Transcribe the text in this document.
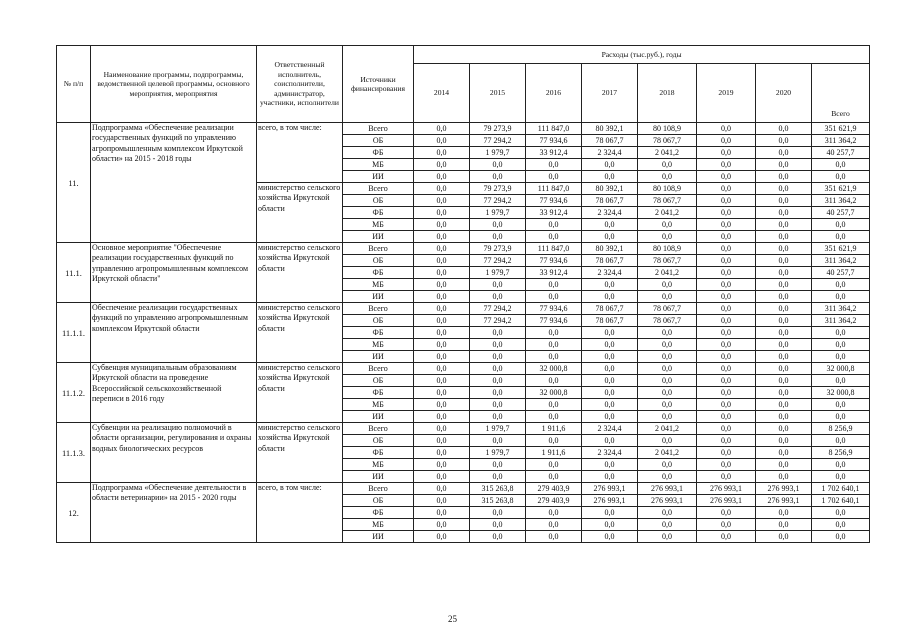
№ п/п	Наименование программы, подпрограммы, ведомственной целевой программы, основного мероприятия, мероприятия	Ответственный исполнитель, соисполнители, администратор, участники, исполнители	Источники финансирования	Расходы (тыс.руб.), годы							
				2014	2015	2016	2017	2018	2019	2020	Всего
11.	Подпрограмма «Обеспечение реализации государственных функций по управлению агропромышленным комплексом Иркутской области» на 2015 - 2018 годы	всего, в том числе:	Всего	0,0	79 273,9	111 847,0	80 392,1	80 108,9	0,0	0,0	351 621,9
			ОБ	0,0	77 294,2	77 934,6	78 067,7	78 067,7	0,0	0,0	311 364,2
			ФБ	0,0	1 979,7	33 912,4	2 324,4	2 041,2	0,0	0,0	40 257,7
			МБ	0,0	0,0	0,0	0,0	0,0	0,0	0,0	0,0
			ИИ	0,0	0,0	0,0	0,0	0,0	0,0	0,0	0,0
		министерство сельского хозяйства Иркутской области	Всего	0,0	79 273,9	111 847,0	80 392,1	80 108,9	0,0	0,0	351 621,9
			ОБ	0,0	77 294,2	77 934,6	78 067,7	78 067,7	0,0	0,0	311 364,2
			ФБ	0,0	1 979,7	33 912,4	2 324,4	2 041,2	0,0	0,0	40 257,7
			МБ	0,0	0,0	0,0	0,0	0,0	0,0	0,0	0,0
			ИИ	0,0	0,0	0,0	0,0	0,0	0,0	0,0	0,0
11.1.	Основное мероприятие "Обеспечение реализации государственных функций по управлению агропромышленным комплексом Иркутской области"	министерство сельского хозяйства Иркутской области	Всего	0,0	79 273,9	111 847,0	80 392,1	80 108,9	0,0	0,0	351 621,9
			ОБ	0,0	77 294,2	77 934,6	78 067,7	78 067,7	0,0	0,0	311 364,2
			ФБ	0,0	1 979,7	33 912,4	2 324,4	2 041,2	0,0	0,0	40 257,7
			МБ	0,0	0,0	0,0	0,0	0,0	0,0	0,0	0,0
			ИИ	0,0	0,0	0,0	0,0	0,0	0,0	0,0	0,0
11.1.1.	Обеспечение реализации государственных функций по управлению агропромышленным комплексом Иркутской области	министерство сельского хозяйства Иркутской области	Всего	0,0	77 294,2	77 934,6	78 067,7	78 067,7	0,0	0,0	311 364,2
			ОБ	0,0	77 294,2	77 934,6	78 067,7	78 067,7	0,0	0,0	311 364,2
			ФБ	0,0	0,0	0,0	0,0	0,0	0,0	0,0	0,0
			МБ	0,0	0,0	0,0	0,0	0,0	0,0	0,0	0,0
			ИИ	0,0	0,0	0,0	0,0	0,0	0,0	0,0	0,0
11.1.2.	Субвенция муниципальным образованиям Иркутской области на проведение Всероссийской сельскохозяйственной переписи в 2016 году	министерство сельского хозяйства Иркутской области	Всего	0,0	0,0	32 000,8	0,0	0,0	0,0	0,0	32 000,8
			ОБ	0,0	0,0	0,0	0,0	0,0	0,0	0,0	0,0
			ФБ	0,0	0,0	32 000,8	0,0	0,0	0,0	0,0	32 000,8
			МБ	0,0	0,0	0,0	0,0	0,0	0,0	0,0	0,0
			ИИ	0,0	0,0	0,0	0,0	0,0	0,0	0,0	0,0
11.1.3.	Субвенции на реализацию полномочий в области организации, регулирования и охраны водных биологических ресурсов	министерство сельского хозяйства Иркутской области	Всего	0,0	1 979,7	1 911,6	2 324,4	2 041,2	0,0	0,0	8 256,9
			ОБ	0,0	0,0	0,0	0,0	0,0	0,0	0,0	0,0
			ФБ	0,0	1 979,7	1 911,6	2 324,4	2 041,2	0,0	0,0	8 256,9
			МБ	0,0	0,0	0,0	0,0	0,0	0,0	0,0	0,0
			ИИ	0,0	0,0	0,0	0,0	0,0	0,0	0,0	0,0
12.	Подпрограмма «Обеспечение деятельности в области ветеринарии» на 2015 - 2020 годы	всего, в том числе:	Всего	0,0	315 263,8	279 403,9	276 993,1	276 993,1	276 993,1	276 993,1	1 702 640,1
			ОБ	0,0	315 263,8	279 403,9	276 993,1	276 993,1	276 993,1	276 993,1	1 702 640,1
			ФБ	0,0	0,0	0,0	0,0	0,0	0,0	0,0	0,0
			МБ	0,0	0,0	0,0	0,0	0,0	0,0	0,0	0,0
			ИИ	0,0	0,0	0,0	0,0	0,0	0,0	0,0	0,0
25
